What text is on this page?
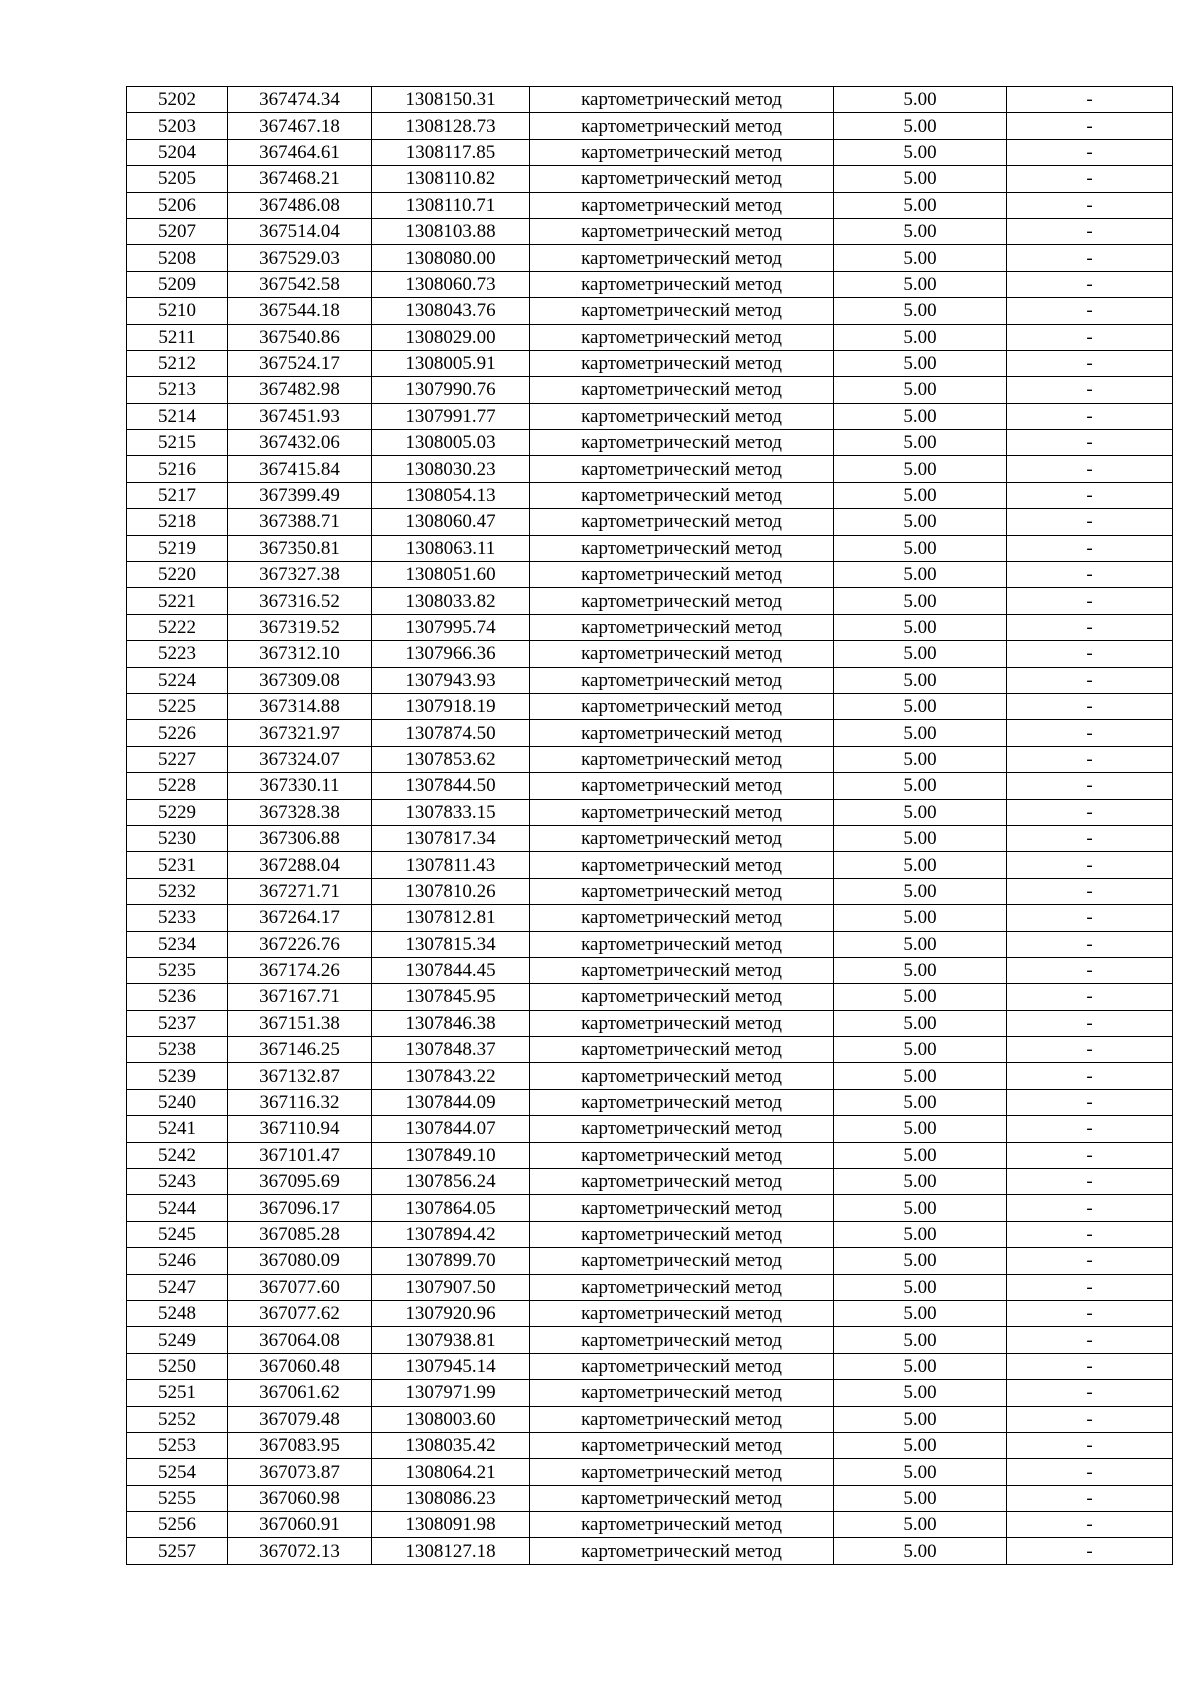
5202	367474.34	1308150.31	картометрический метод	5.00	-
5203	367467.18	1308128.73	картометрический метод	5.00	-
5204	367464.61	1308117.85	картометрический метод	5.00	-
5205	367468.21	1308110.82	картометрический метод	5.00	-
5206	367486.08	1308110.71	картометрический метод	5.00	-
5207	367514.04	1308103.88	картометрический метод	5.00	-
5208	367529.03	1308080.00	картометрический метод	5.00	-
5209	367542.58	1308060.73	картометрический метод	5.00	-
5210	367544.18	1308043.76	картометрический метод	5.00	-
5211	367540.86	1308029.00	картометрический метод	5.00	-
5212	367524.17	1308005.91	картометрический метод	5.00	-
5213	367482.98	1307990.76	картометрический метод	5.00	-
5214	367451.93	1307991.77	картометрический метод	5.00	-
5215	367432.06	1308005.03	картометрический метод	5.00	-
5216	367415.84	1308030.23	картометрический метод	5.00	-
5217	367399.49	1308054.13	картометрический метод	5.00	-
5218	367388.71	1308060.47	картометрический метод	5.00	-
5219	367350.81	1308063.11	картометрический метод	5.00	-
5220	367327.38	1308051.60	картометрический метод	5.00	-
5221	367316.52	1308033.82	картометрический метод	5.00	-
5222	367319.52	1307995.74	картометрический метод	5.00	-
5223	367312.10	1307966.36	картометрический метод	5.00	-
5224	367309.08	1307943.93	картометрический метод	5.00	-
5225	367314.88	1307918.19	картометрический метод	5.00	-
5226	367321.97	1307874.50	картометрический метод	5.00	-
5227	367324.07	1307853.62	картометрический метод	5.00	-
5228	367330.11	1307844.50	картометрический метод	5.00	-
5229	367328.38	1307833.15	картометрический метод	5.00	-
5230	367306.88	1307817.34	картометрический метод	5.00	-
5231	367288.04	1307811.43	картометрический метод	5.00	-
5232	367271.71	1307810.26	картометрический метод	5.00	-
5233	367264.17	1307812.81	картометрический метод	5.00	-
5234	367226.76	1307815.34	картометрический метод	5.00	-
5235	367174.26	1307844.45	картометрический метод	5.00	-
5236	367167.71	1307845.95	картометрический метод	5.00	-
5237	367151.38	1307846.38	картометрический метод	5.00	-
5238	367146.25	1307848.37	картометрический метод	5.00	-
5239	367132.87	1307843.22	картометрический метод	5.00	-
5240	367116.32	1307844.09	картометрический метод	5.00	-
5241	367110.94	1307844.07	картометрический метод	5.00	-
5242	367101.47	1307849.10	картометрический метод	5.00	-
5243	367095.69	1307856.24	картометрический метод	5.00	-
5244	367096.17	1307864.05	картометрический метод	5.00	-
5245	367085.28	1307894.42	картометрический метод	5.00	-
5246	367080.09	1307899.70	картометрический метод	5.00	-
5247	367077.60	1307907.50	картометрический метод	5.00	-
5248	367077.62	1307920.96	картометрический метод	5.00	-
5249	367064.08	1307938.81	картометрический метод	5.00	-
5250	367060.48	1307945.14	картометрический метод	5.00	-
5251	367061.62	1307971.99	картометрический метод	5.00	-
5252	367079.48	1308003.60	картометрический метод	5.00	-
5253	367083.95	1308035.42	картометрический метод	5.00	-
5254	367073.87	1308064.21	картометрический метод	5.00	-
5255	367060.98	1308086.23	картометрический метод	5.00	-
5256	367060.91	1308091.98	картометрический метод	5.00	-
5257	367072.13	1308127.18	картометрический метод	5.00	-
